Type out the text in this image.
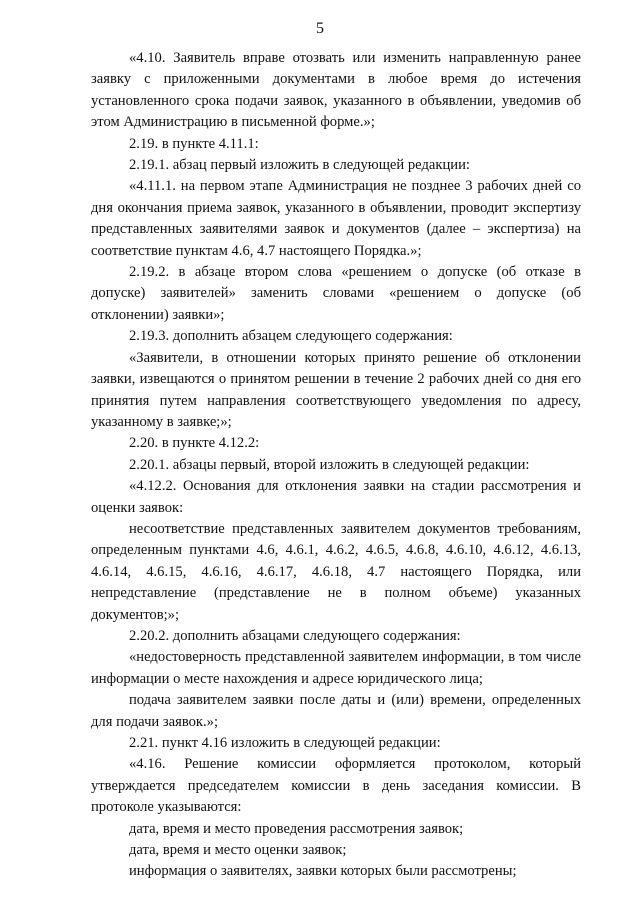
5

«4.10. Заявитель вправе отозвать или изменить направленную ранее заявку с приложенными документами в любое время до истечения установленного срока подачи заявок, указанного в объявлении, уведомив об этом Администрацию в письменной форме.»;

2.19. в пункте 4.11.1:

2.19.1. абзац первый изложить в следующей редакции:

«4.11.1. на первом этапе Администрация не позднее 3 рабочих дней со дня окончания приема заявок, указанного в объявлении, проводит экспертизу представленных заявителями заявок и документов (далее – экспертиза) на соответствие пунктам 4.6, 4.7 настоящего Порядка.»;

2.19.2. в абзаце втором слова «решением о допуске (об отказе в допуске) заявителей» заменить словами «решением о допуске (об отклонении) заявки»;

2.19.3. дополнить абзацем следующего содержания:

«Заявители, в отношении которых принято решение об отклонении заявки, извещаются о принятом решении в течение 2 рабочих дней со дня его принятия путем направления соответствующего уведомления по адресу, указанному в заявке;»;

2.20. в пункте 4.12.2:

2.20.1. абзацы первый, второй изложить в следующей редакции:

«4.12.2. Основания для отклонения заявки на стадии рассмотрения и оценки заявок:

несоответствие представленных заявителем документов требованиям, определенным пунктами 4.6, 4.6.1, 4.6.2, 4.6.5, 4.6.8, 4.6.10, 4.6.12, 4.6.13, 4.6.14, 4.6.15, 4.6.16, 4.6.17, 4.6.18, 4.7 настоящего Порядка, или непредставление (представление не в полном объеме) указанных документов;»;

2.20.2. дополнить абзацами следующего содержания:

«недостоверность представленной заявителем информации, в том числе информации о месте нахождения и адресе юридического лица;

подача заявителем заявки после даты и (или) времени, определенных для подачи заявок.»;

2.21. пункт 4.16 изложить в следующей редакции:

«4.16. Решение комиссии оформляется протоколом, который утверждается председателем комиссии в день заседания комиссии. В протоколе указываются:

дата, время и место проведения рассмотрения заявок;

дата, время и место оценки заявок;

информация о заявителях, заявки которых были рассмотрены;
